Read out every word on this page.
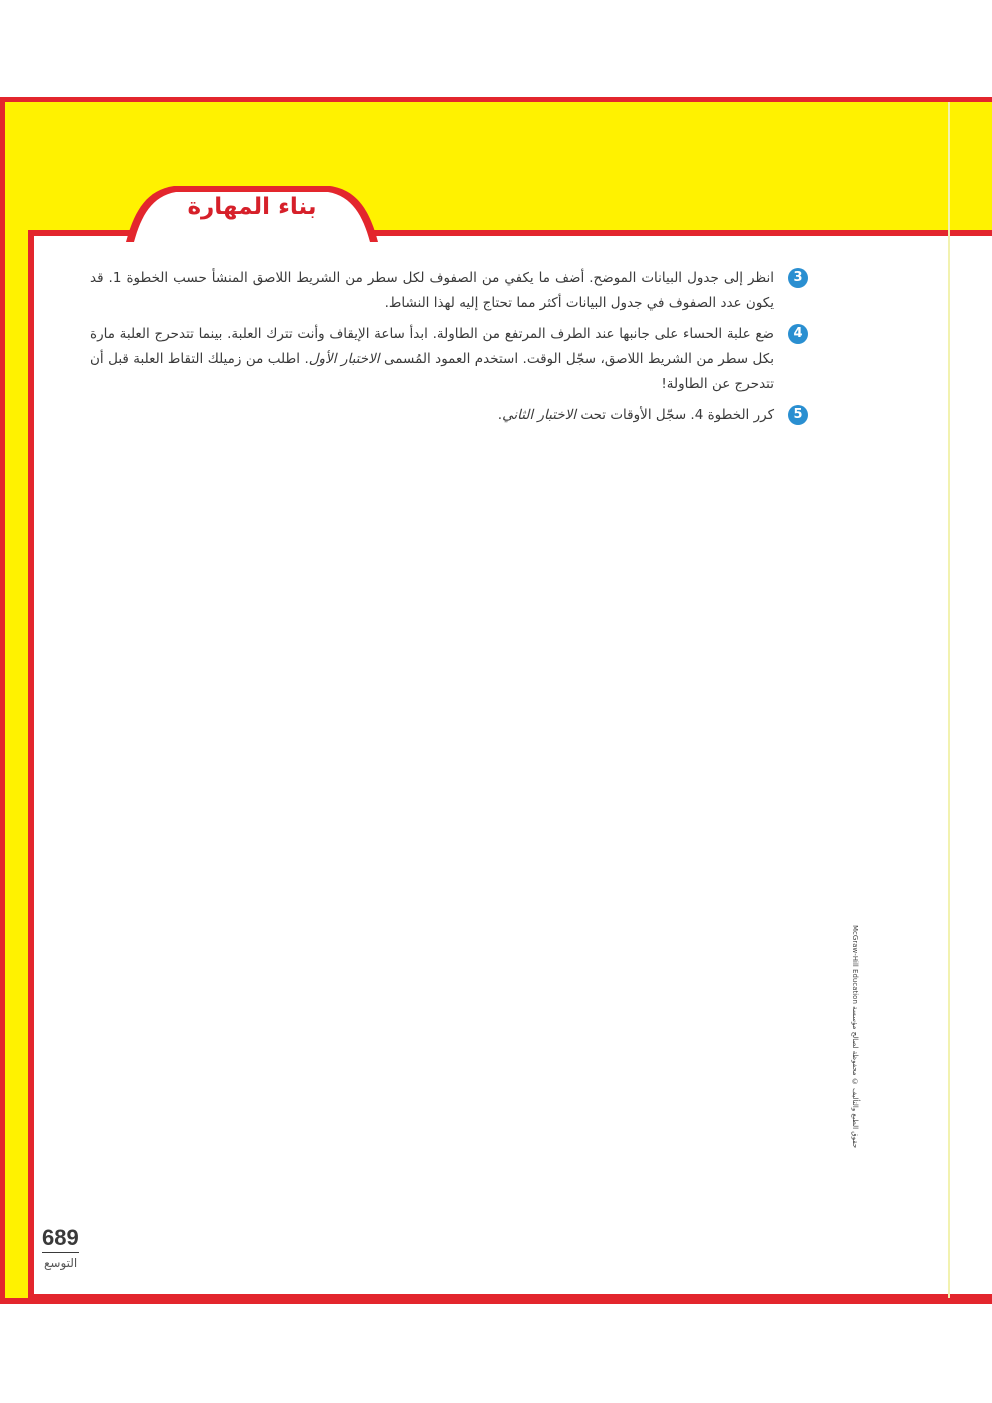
بناء المهارة
3
انظر إلى جدول البيانات الموضح. أضف ما يكفي من الصفوف لكل سطر من الشريط اللاصق المنشأ حسب الخطوة 1. قد يكون عدد الصفوف في جدول البيانات أكثر مما تحتاج إليه لهذا النشاط.
4
ضع علبة الحساء على جانبها عند الطرف المرتفع من الطاولة. ابدأ ساعة الإيقاف وأنت تترك العلبة. بينما تتدحرج العلبة مارة بكل سطر من الشريط اللاصق، سجّل الوقت. استخدم العمود المُسمى الاختبار الأول. اطلب من زميلك التقاط العلبة قبل أن تتدحرج عن الطاولة!
5
كرر الخطوة 4. سجّل الأوقات تحت الاختبار الثاني.
McGraw-Hill Education حقوق الطبع والتأليف © محفوظة لصالح مؤسسة
689
التوسع
